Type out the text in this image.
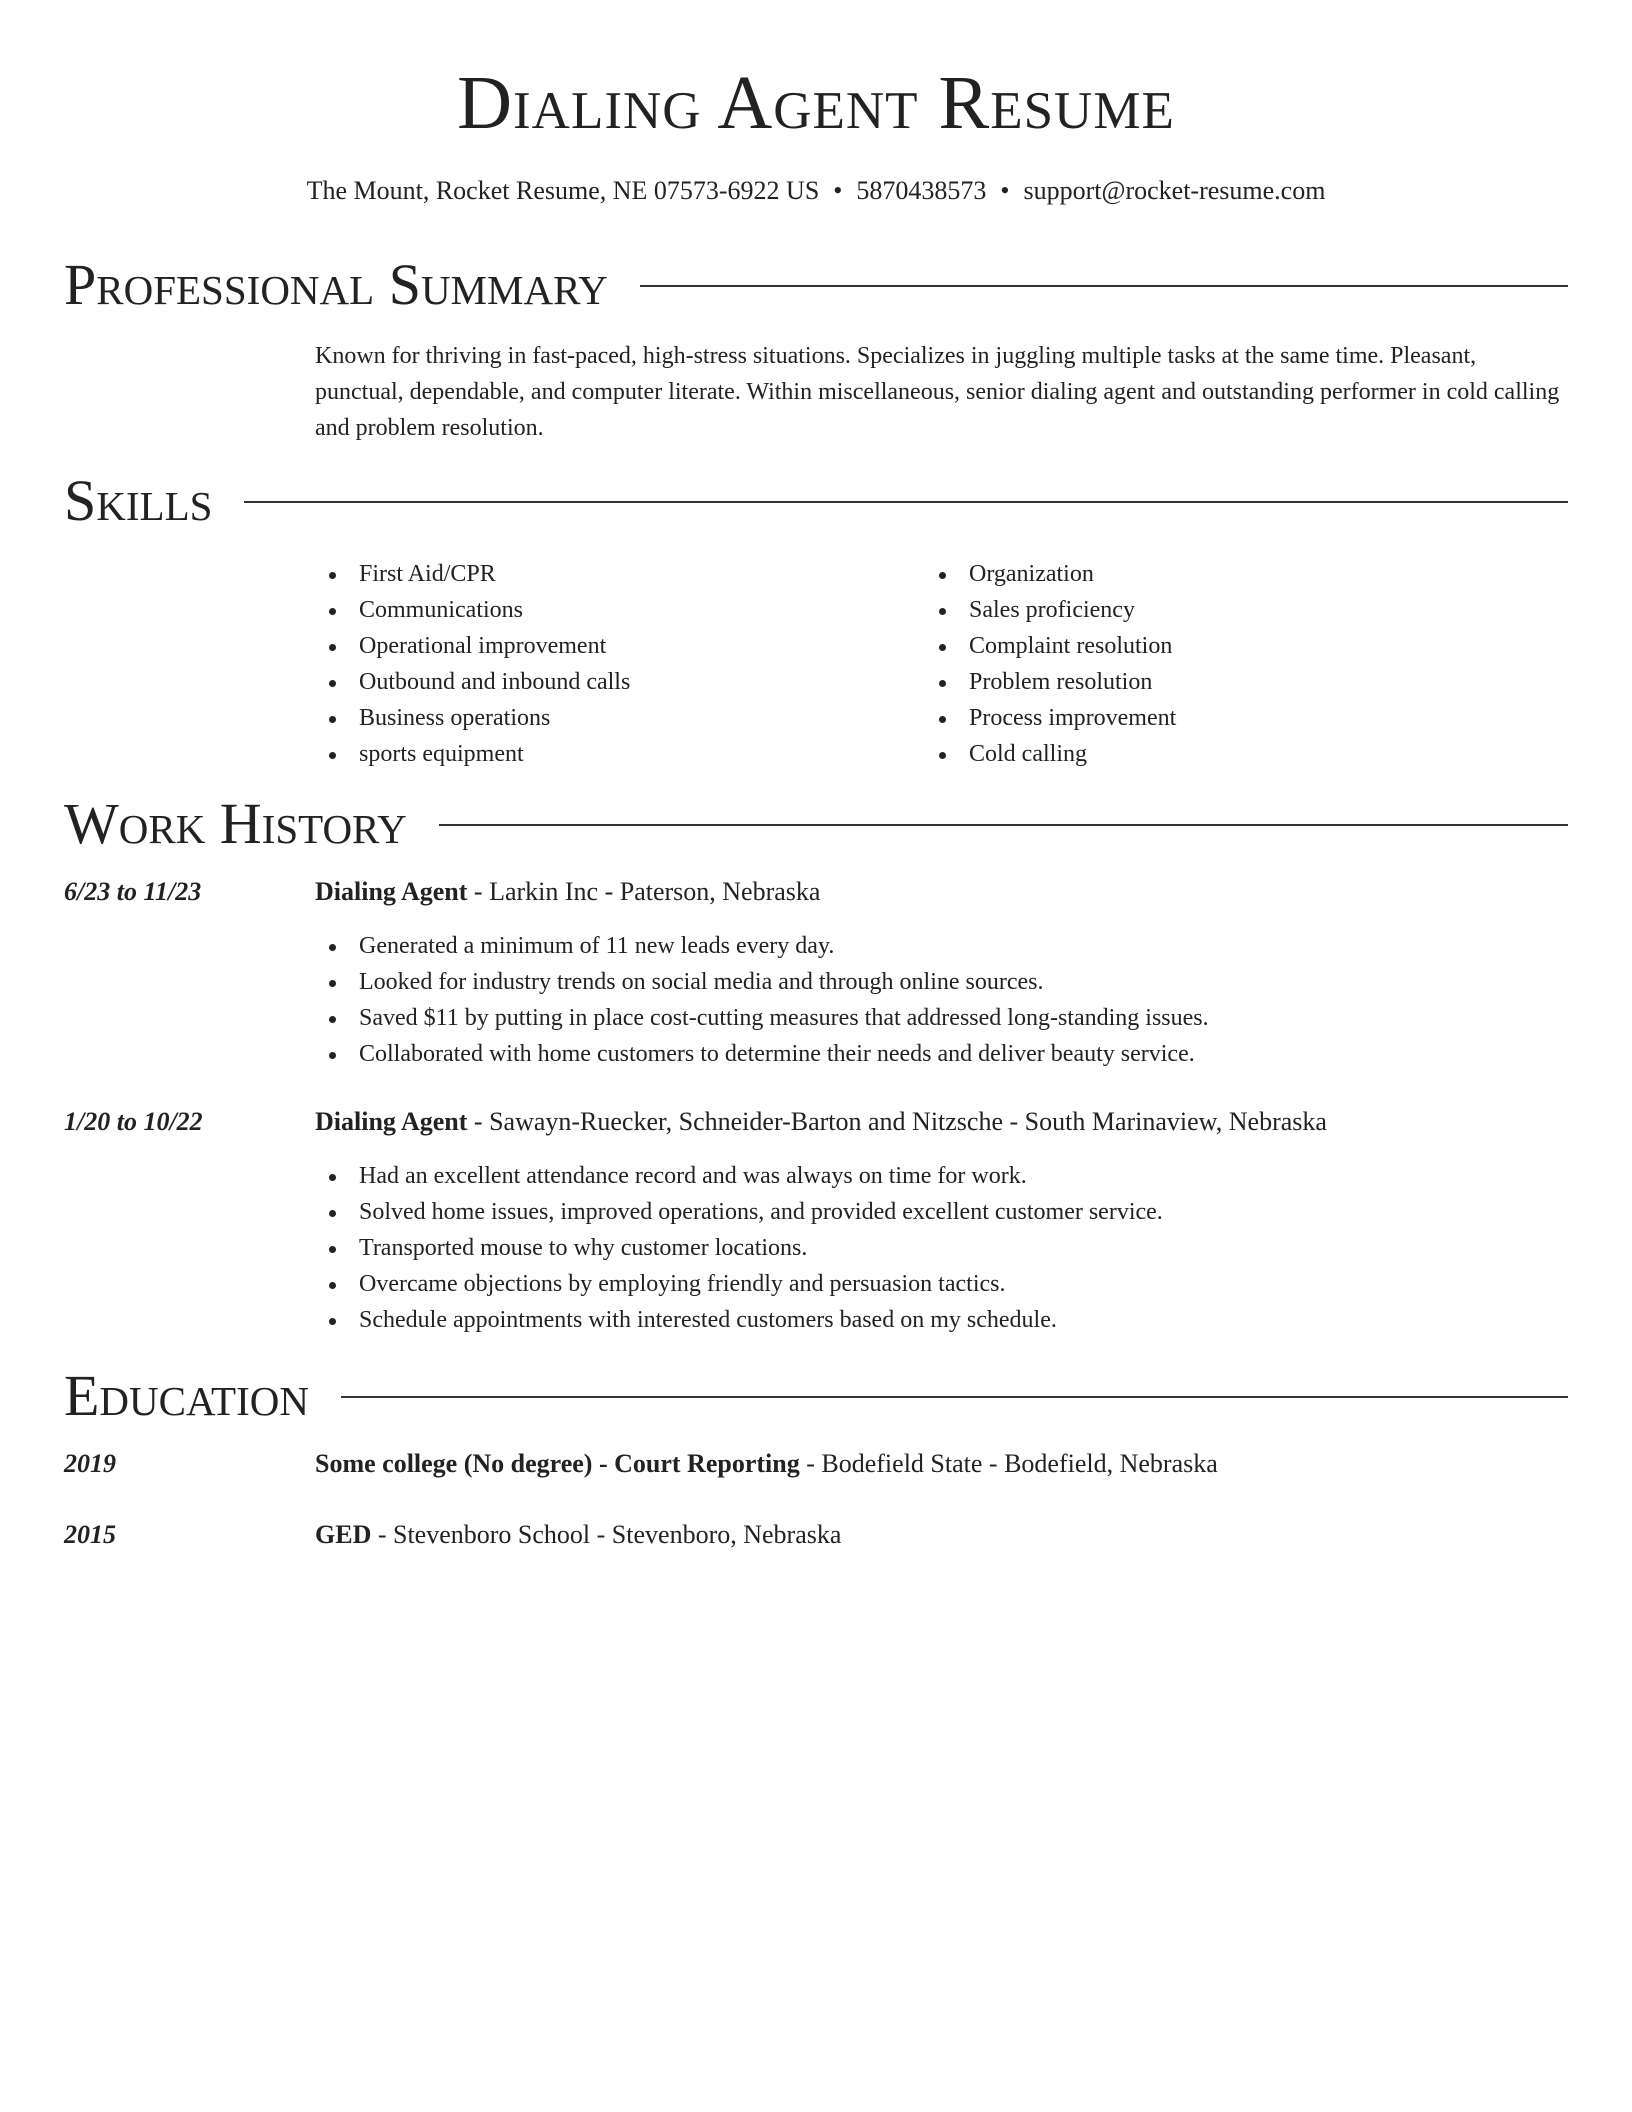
Dialing Agent Resume
The Mount, Rocket Resume, NE 07573-6922 US • 5870438573 • support@rocket-resume.com
Professional Summary
Known for thriving in fast-paced, high-stress situations. Specializes in juggling multiple tasks at the same time. Pleasant, punctual, dependable, and computer literate. Within miscellaneous, senior dialing agent and outstanding performer in cold calling and problem resolution.
Skills
First Aid/CPR
Communications
Operational improvement
Outbound and inbound calls
Business operations
sports equipment
Organization
Sales proficiency
Complaint resolution
Problem resolution
Process improvement
Cold calling
Work History
6/23 to 11/23	Dialing Agent - Larkin Inc - Paterson, Nebraska
Generated a minimum of 11 new leads every day.
Looked for industry trends on social media and through online sources.
Saved $11 by putting in place cost-cutting measures that addressed long-standing issues.
Collaborated with home customers to determine their needs and deliver beauty service.
1/20 to 10/22	Dialing Agent - Sawayn-Ruecker, Schneider-Barton and Nitzsche - South Marinaview, Nebraska
Had an excellent attendance record and was always on time for work.
Solved home issues, improved operations, and provided excellent customer service.
Transported mouse to why customer locations.
Overcame objections by employing friendly and persuasion tactics.
Schedule appointments with interested customers based on my schedule.
Education
2019	Some college (No degree) - Court Reporting - Bodefield State - Bodefield, Nebraska
2015	GED - Stevenboro School - Stevenboro, Nebraska
